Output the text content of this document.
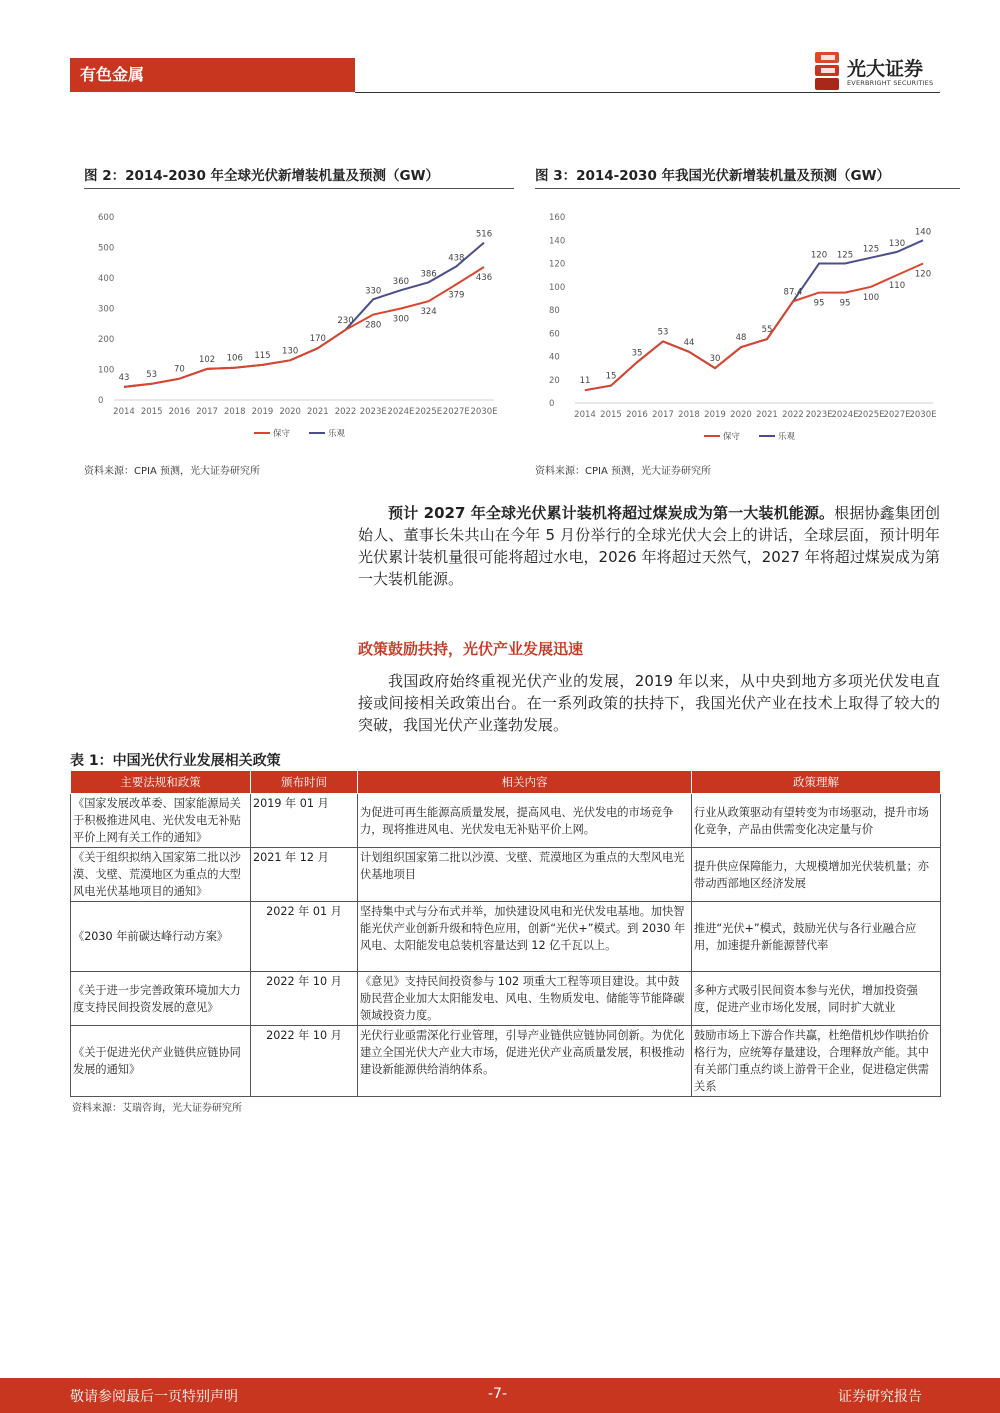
有色金属	光大证券
EVERBRIGHT SECURITIES
图 2：2014-2030 年全球光伏新增装机量及预测（GW）
0
100
200
300
400
500
600
2014 2015 2016 2017 2018 2019 2020 2021 2022 2023E 2024E 2025E 2027E 2030E
43 53
70
102 106 115 130
170
230
330
360
386
438
516
280
300
324
379
436
保守	乐观
资料来源：CPIA 预测，光大证券研究所
图 3：2014-2030 年我国光伏新增装机量及预测（GW）
0
20
40
60
80
100
120
140
160
2014 2015 2016 2017 2018 2019 2020 2021 2022 2023E
2024E
2025E
2027E
2030E
11 15
35
53
44
30
48
55
87.4
120 125
125
130
140
95 95
100
110
120
保守	乐观
资料来源：CPIA 预测，光大证券研究所

预计 2027 年全球光伏累计装机将超过煤炭成为第一大装机能源。根据协鑫集团创始人、董事长朱共山在今年 5 月份举行的全球光伏大会上的讲话，全球层面，预计明年光伏累计装机量很可能将超过水电，2026 年将超过天然气，2027 年将超过煤炭成为第一大装机能源。

政策鼓励扶持，光伏产业发展迅速

我国政府始终重视光伏产业的发展，2019 年以来，从中央到地方多项光伏发电直接或间接相关政策出台。在一系列政策的扶持下，我国光伏产业在技术上取得了较大的突破，我国光伏产业蓬勃发展。

表 1：中国光伏行业发展相关政策
主要法规和政策	颁布时间	相关内容	政策理解
《国家发展改革委、国家能源局关于积极推进风电、光伏发电无补贴平价上网有关工作的通知》	2019 年 01 月	为促进可再生能源高质量发展，提高风电、光伏发电的市场竞争力，现将推进风电、光伏发电无补贴平价上网。	行业从政策驱动有望转变为市场驱动，提升市场化竞争，产品由供需变化决定量与价
《关于组织拟纳入国家第二批以沙漠、戈壁、荒漠地区为重点的大型风电光伏基地项目的通知》	2021 年 12 月	计划组织国家第二批以沙漠、戈壁、荒漠地区为重点的大型风电光伏基地项目	提升供应保障能力，大规模增加光伏装机量；亦带动西部地区经济发展
《2030 年前碳达峰行动方案》	2022 年 01 月	坚持集中式与分布式并举，加快建设风电和光伏发电基地。加快智能光伏产业创新升级和特色应用，创新“光伏+”模式。到 2030 年风电、太阳能发电总装机容量达到 12 亿千瓦以上。	推进“光伏+”模式，鼓励光伏与各行业融合应用，加速提升新能源替代率
《关于进一步完善政策环境加大力度支持民间投资发展的意见》	2022 年 10 月	《意见》支持民间投资参与 102 项重大工程等项目建设。其中鼓励民营企业加大太阳能发电、风电、生物质发电、储能等节能降碳领域投资力度。	多种方式吸引民间资本参与光伏，增加投资强度，促进产业市场化发展，同时扩大就业
《关于促进光伏产业链供应链协同发展的通知》	2022 年 10 月	光伏行业亟需深化行业管理，引导产业链供应链协同创新。为优化建立全国光伏大产业大市场，促进光伏产业高质量发展，积极推动建设新能源供给消纳体系。	鼓励市场上下游合作共赢，杜绝借机炒作哄抬价格行为，应统筹存量建设，合理释放产能。其中有关部门重点约谈上游骨干企业，促进稳定供需关系
资料来源：艾瑞咨询，光大证券研究所
敬请参阅最后一页特别声明	-7-	证券研究报告
